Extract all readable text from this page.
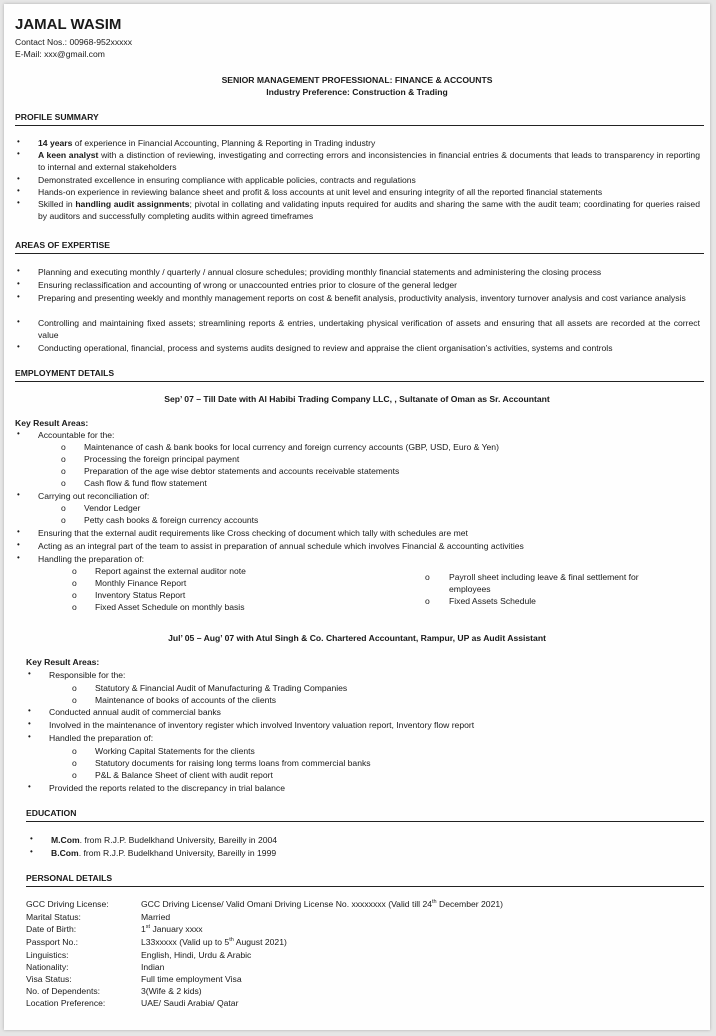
JAMAL WASIM
Contact Nos.: 00968-952xxxxx
E-Mail: xxx@gmail.com
SENIOR MANAGEMENT PROFESSIONAL: FINANCE & ACCOUNTS
Industry Preference: Construction & Trading
PROFILE SUMMARY
• 14 years of experience in Financial Accounting, Planning & Reporting in Trading industry
• A keen analyst with a distinction of reviewing, investigating and correcting errors and inconsistencies in financial entries & documents that leads to transparency in reporting to internal and external stakeholders
• Demonstrated excellence in ensuring compliance with applicable policies, contracts and regulations
• Hands-on experience in reviewing balance sheet and profit & loss accounts at unit level and ensuring integrity of all the reported financial statements
• Skilled in handling audit assignments; pivotal in collating and validating inputs required for audits and sharing the same with the audit team; coordinating for queries raised by auditors and successfully completing audits within agreed timeframes
AREAS OF EXPERTISE
• Planning and executing monthly / quarterly / annual closure schedules; providing monthly financial statements and administering the closing process
• Ensuring reclassification and accounting of wrong or unaccounted entries prior to closure of the general ledger
• Preparing and presenting weekly and monthly management reports on cost & benefit analysis, productivity analysis, inventory turnover analysis and cost variance analysis
• Controlling and maintaining fixed assets; streamlining reports & entries, undertaking physical verification of assets and ensuring that all assets are recorded at the correct value
• Conducting operational, financial, process and systems audits designed to review and appraise the client organisation’s activities, systems and controls
EMPLOYMENT DETAILS
Sep’ 07 – Till Date with Al Habibi Trading Company LLC, , Sultanate of Oman as Sr. Accountant
Key Result Areas:
• Accountable for the:
o Maintenance of cash & bank books for local currency and foreign currency accounts (GBP, USD, Euro & Yen)
o Processing the foreign principal payment
o Preparation of the age wise debtor statements and accounts receivable statements
o Cash flow & fund flow statement
• Carrying out reconciliation of:
o Vendor Ledger
o Petty cash books & foreign currency accounts
• Ensuring that the external audit requirements like Cross checking of document which tally with schedules are met
• Acting as an integral part of the team to assist in preparation of annual schedule which involves Financial & accounting activities
• Handling the preparation of:
o Report against the external auditor note
o Monthly Finance Report
o Inventory Status Report
o Fixed Asset Schedule on monthly basis
o Payroll sheet including leave & final settlement for
employees
o Fixed Assets Schedule
Jul’ 05 – Aug’ 07 with Atul Singh & Co. Chartered Accountant, Rampur, UP as Audit Assistant
Key Result Areas:
• Responsible for the:
o Statutory & Financial Audit of Manufacturing & Trading Companies
o Maintenance of books of accounts of the clients
• Conducted annual audit of commercial banks
• Involved in the maintenance of inventory register which involved Inventory valuation report, Inventory flow report
• Handled the preparation of:
o Working Capital Statements for the clients
o Statutory documents for raising long terms loans from commercial banks
o P&L & Balance Sheet of client with audit report
• Provided the reports related to the discrepancy in trial balance
EDUCATION
• M.Com. from R.J.P. Budelkhand University, Bareilly in 2004
• B.Com. from R.J.P. Budelkhand University, Bareilly in 1999
PERSONAL DETAILS
GCC Driving License:	GCC Driving License/ Valid Omani Driving License No. xxxxxxxx (Valid till 24th December 2021)
Marital Status:	Married
Date of Birth:	1st January xxxx
Passport No.:	L33xxxxx (Valid up to 5th August 2021)
Linguistics:	English, Hindi, Urdu & Arabic
Nationality:	Indian
Visa Status:	Full time employment Visa
No. of Dependents:	3(Wife & 2 kids)
Location Preference:	UAE/ Saudi Arabia/ Qatar
